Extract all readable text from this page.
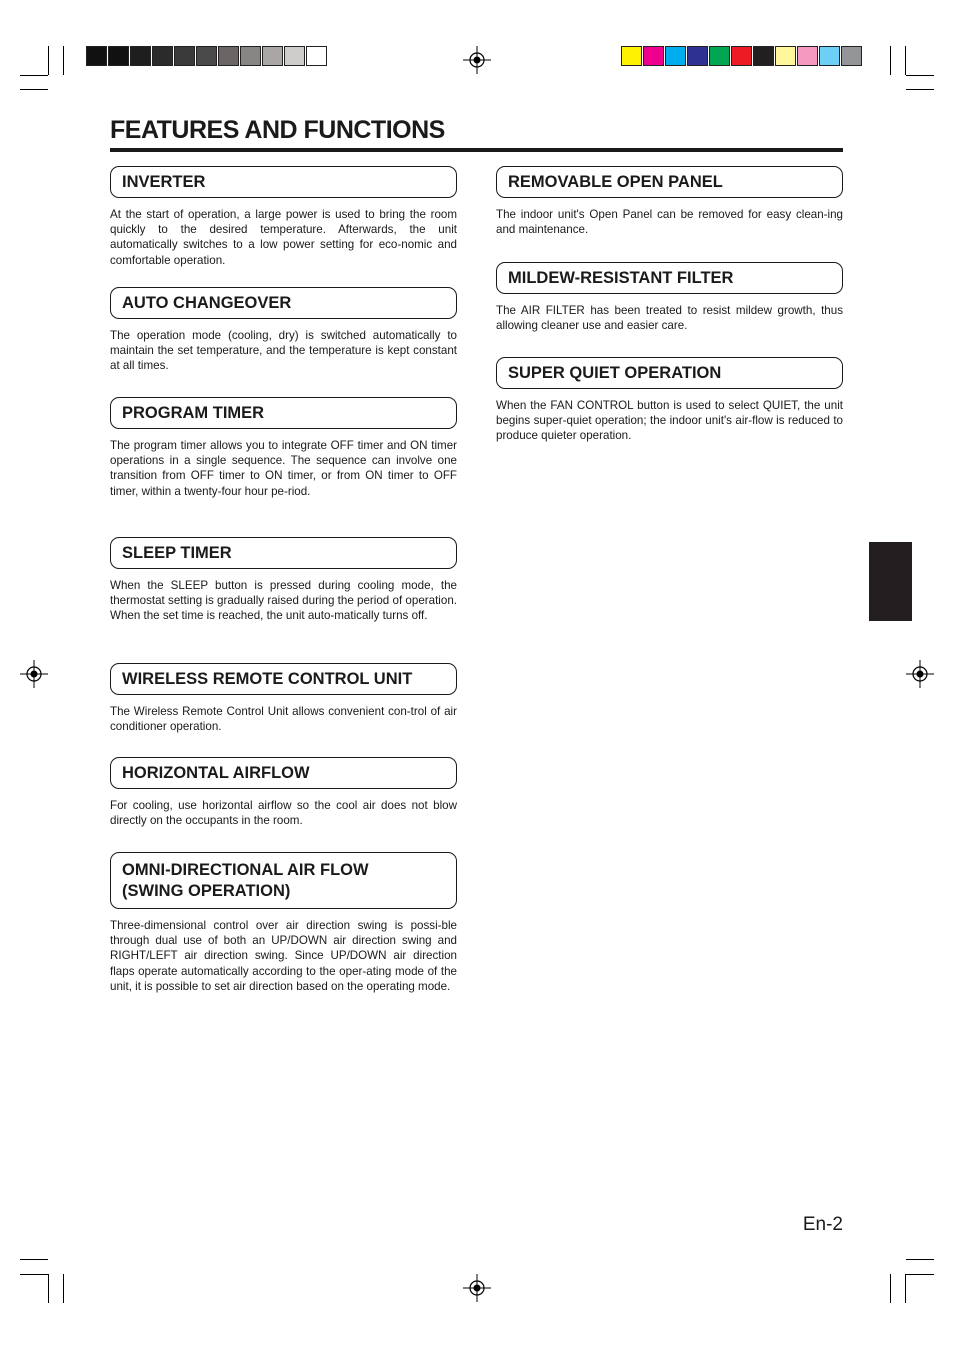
FEATURES AND FUNCTIONS
INVERTER

At the start of operation, a large power is used to bring the room quickly to the desired temperature. Afterwards, the unit automatically switches to a low power setting for eco-nomic and comfortable operation.

AUTO CHANGEOVER

The operation mode (cooling, dry) is switched automatically to maintain the set temperature, and the temperature is kept constant at all times.

PROGRAM TIMER

The program timer allows you to integrate OFF timer and ON timer operations in a single sequence. The sequence can involve one transition from OFF timer to ON timer, or from ON timer to OFF timer, within a twenty-four hour pe-riod.

SLEEP TIMER

When the SLEEP button is pressed during cooling mode, the thermostat setting is gradually raised during the period of operation. When the set time is reached, the unit auto-matically turns off.

WIRELESS REMOTE CONTROL UNIT

The Wireless Remote Control Unit allows convenient con-trol of air conditioner operation.

HORIZONTAL AIRFLOW

For cooling, use horizontal airflow so the cool air does not blow directly on the occupants in the room.

OMNI-DIRECTIONAL AIR FLOW
(SWING OPERATION)

Three-dimensional control over air direction swing is possi-ble through dual use of both an UP/DOWN air direction swing and RIGHT/LEFT air direction swing. Since UP/DOWN air direction flaps operate automatically according to the oper-ating mode of the unit, it is possible to set air direction based on the operating mode.

REMOVABLE OPEN PANEL

The indoor unit's Open Panel can be removed for easy clean-ing and maintenance.

MILDEW-RESISTANT FILTER

The AIR FILTER has been treated to resist mildew growth, thus allowing cleaner use and easier care.

SUPER QUIET OPERATION

When the FAN CONTROL button is used to select QUIET, the unit begins super-quiet operation; the indoor unit's air-flow is reduced to produce quieter operation.

En-2
